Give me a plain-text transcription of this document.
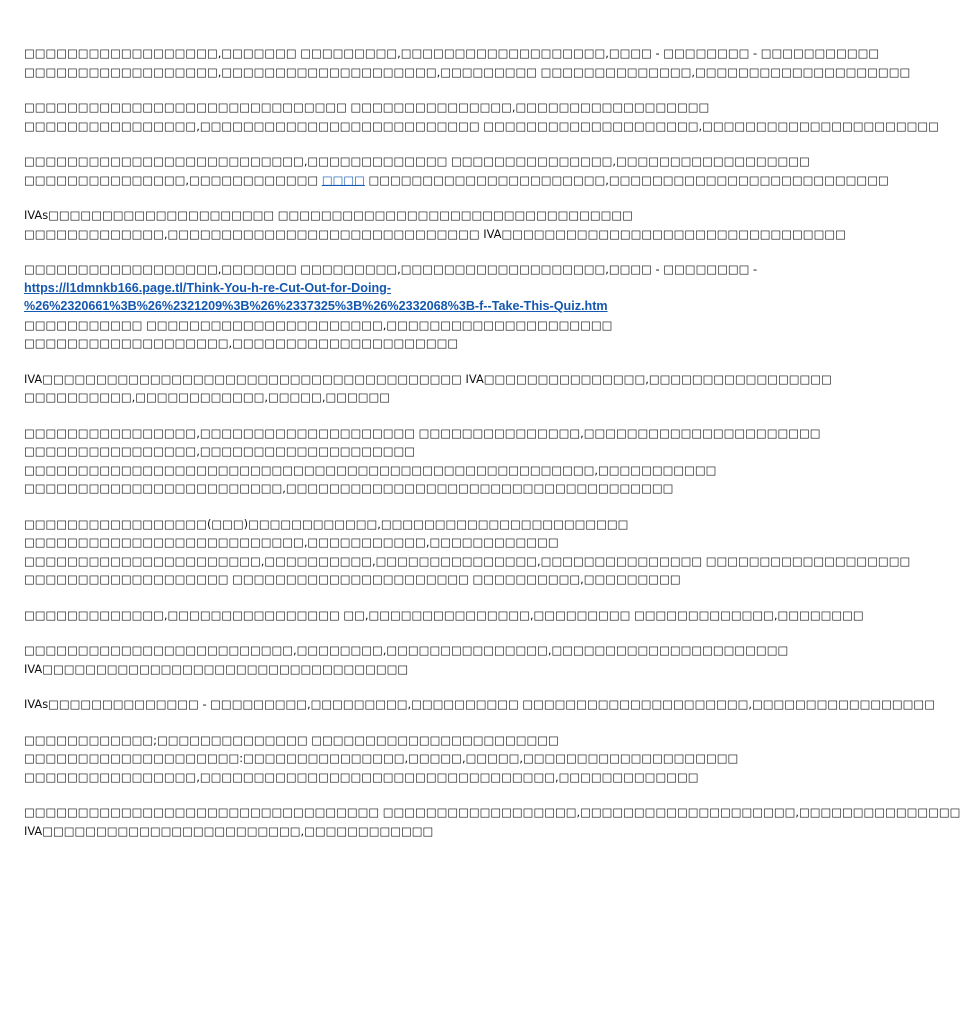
□□□□□□□□□□□□□□□□□□,□□□□□□□ □□□□□□□□□,□□□□□□□□□□□□□□□□□□□,□□□□ - □□□□□□□□ - □□□□□□□□□□□
□□□□□□□□□□□□□□□□□□,□□□□□□□□□□□□□□□□□□□□,□□□□□□□□□ □□□□□□□□□□□□□□,□□□□□□□□□□□□□□□□□□□□
□□□□□□□□□□□□□□□□□□□□□□□□□□□□□□ □□□□□□□□□□□□□□□,□□□□□□□□□□□□□□□□□□
□□□□□□□□□□□□□□□□,□□□□□□□□□□□□□□□□□□□□□□□□□□ □□□□□□□□□□□□□□□□□□□□,□□□□□□□□□□□□□□□□□□□□□□
□□□□□□□□□□□□□□□□□□□□□□□□□□,□□□□□□□□□□□□□ □□□□□□□□□□□□□□□,□□□□□□□□□□□□□□□□□□
□□□□□□□□□□□□□□□,□□□□□□□□□□□□ □□□□ □□□□□□□□□□□□□□□□□□□□□□,□□□□□□□□□□□□□□□□□□□□□□□□□□
IVAs□□□□□□□□□□□□□□□□□□□□□ □□□□□□□□□□□□□□□□□□□□□□□□□□□□□□□□□
□□□□□□□□□□□□□,□□□□□□□□□□□□□□□□□□□□□□□□□□□□□ IVA□□□□□□□□□□□□□□□□□□□□□□□□□□□□□□□□
□□□□□□□□□□□□□□□□□□,□□□□□□□ □□□□□□□□□,□□□□□□□□□□□□□□□□□□□,□□□□ - □□□□□□□□ -
https://l1dmnkb166.page.tl/Think-You-h-re-Cut-Out-for-Doing-
%26%2320661%3B%26%2321209%3B%26%2337325%3B%26%2332068%3B-f--Take-This-Quiz.htm
□□□□□□□□□□□ □□□□□□□□□□□□□□□□□□□□□□,□□□□□□□□□□□□□□□□□□□□□
□□□□□□□□□□□□□□□□□□□,□□□□□□□□□□□□□□□□□□□□□
IVA□□□□□□□□□□□□□□□□□□□□□□□□□□□□□□□□□□□□□□□ IVA□□□□□□□□□□□□□□□,□□□□□□□□□□□□□□□□□
□□□□□□□□□□,□□□□□□□□□□□□,□□□□□,□□□□□□
□□□□□□□□□□□□□□□□,□□□□□□□□□□□□□□□□□□□□ □□□□□□□□□□□□□□□,□□□□□□□□□□□□□□□□□□□□□□
□□□□□□□□□□□□□□□□,□□□□□□□□□□□□□□□□□□□□
□□□□□□□□□□□□□□□□□□□□□□□□□□□□□□□□□□□□□□□□□□□□□□□□□□□□□,□□□□□□□□□□□
□□□□□□□□□□□□□□□□□□□□□□□□,□□□□□□□□□□□□□□□□□□□□□□□□□□□□□□□□□□□□
□□□□□□□□□□□□□□□□□(□□□)□□□□□□□□□□□□,□□□□□□□□□□□□□□□□□□□□□□□
□□□□□□□□□□□□□□□□□□□□□□□□□□,□□□□□□□□□□□,□□□□□□□□□□□□
□□□□□□□□□□□□□□□□□□□□□□,□□□□□□□□□□,□□□□□□□□□□□□□□□,□□□□□□□□□□□□□□□ □□□□□□□□□□□□□□□□□□□
□□□□□□□□□□□□□□□□□□□ □□□□□□□□□□□□□□□□□□□□□□ □□□□□□□□□□,□□□□□□□□□
□□□□□□□□□□□□□,□□□□□□□□□□□□□□□□ □□,□□□□□□□□□□□□□□□,□□□□□□□□□ □□□□□□□□□□□□□,□□□□□□□□
□□□□□□□□□□□□□□□□□□□□□□□□□,□□□□□□□□,□□□□□□□□□□□□□□□,□□□□□□□□□□□□□□□□□□□□□□
IVA□□□□□□□□□□□□□□□□□□□□□□□□□□□□□□□□□□
IVAs□□□□□□□□□□□□□□ - □□□□□□□□□,□□□□□□□□□,□□□□□□□□□□ □□□□□□□□□□□□□□□□□□□□□,□□□□□□□□□□□□□□□□□
□□□□□□□□□□□□;□□□□□□□□□□□□□□ □□□□□□□□□□□□□□□□□□□□□□□
□□□□□□□□□□□□□□□□□□□□:□□□□□□□□□□□□□□□,□□□□□,□□□□□,□□□□□□□□□□□□□□□□□□□□
□□□□□□□□□□□□□□□□,□□□□□□□□□□□□□□□□□□□□□□□□□□□□□□□□□,□□□□□□□□□□□□□
□□□□□□□□□□□□□□□□□□□□□□□□□□□□□□□□□ □□□□□□□□□□□□□□□□□□,□□□□□□□□□□□□□□□□□□□□,□□□□□□□□□□□□□□□
IVA□□□□□□□□□□□□□□□□□□□□□□□□,□□□□□□□□□□□□
